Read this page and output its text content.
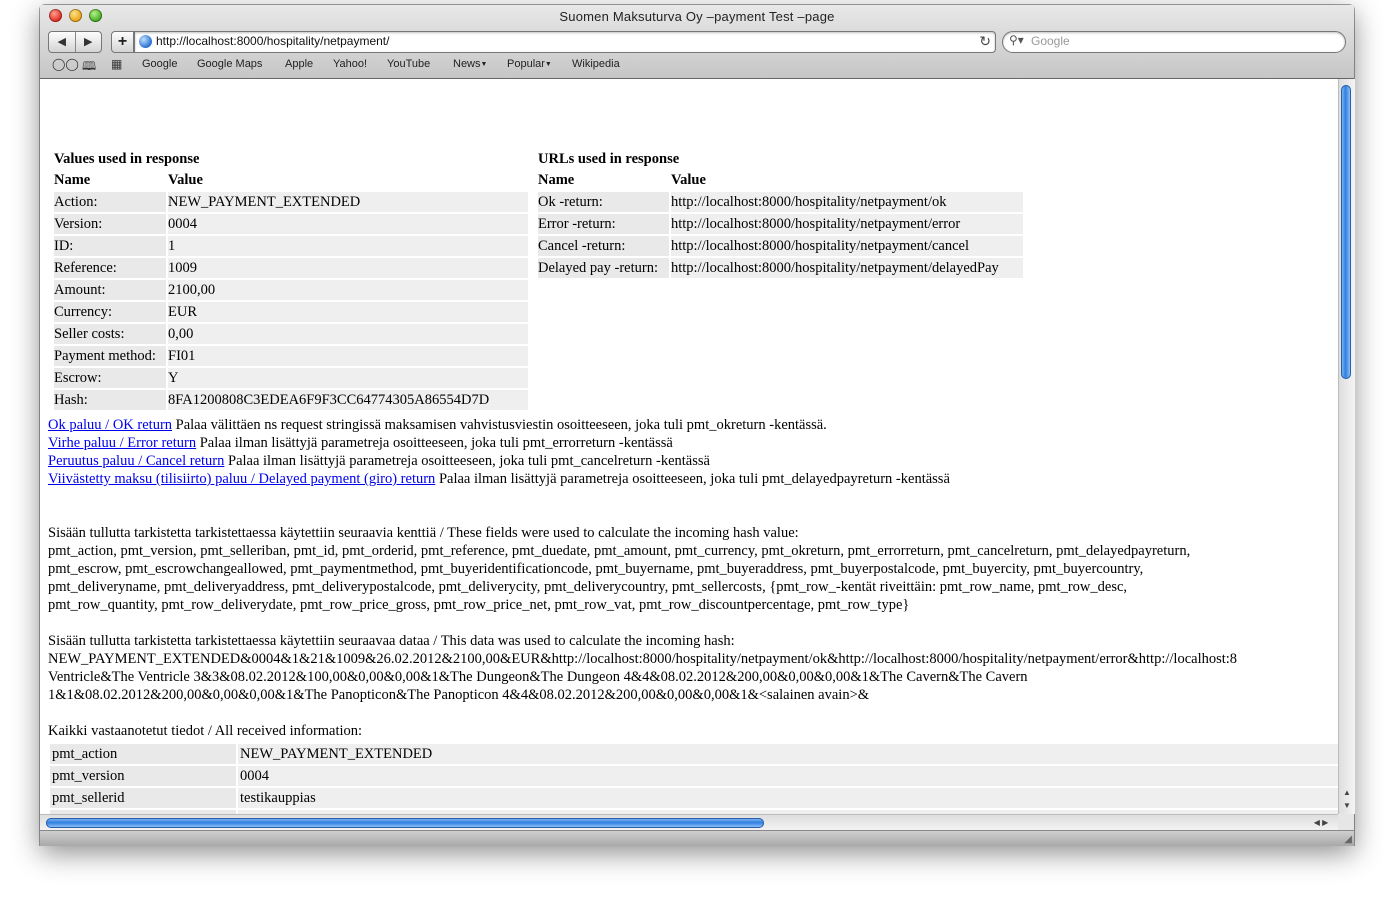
Suomen Maksuturva Oy –payment Test –page
◀	▶	+
http://localhost:8000/hospitality/netpayment/	↻ ⚲▾
Google
◯◯ 🕮 ▦ Google Google Maps Apple Yahoo! YouTube News▼ Popular▼ Wikipedia
Values used in response
Name	Value
Action:	NEW_PAYMENT_EXTENDED
Version:	0004
ID:	1
Reference:	1009
Amount:	2100,00
Currency:	EUR
Seller costs:	0,00
Payment method:	FI01
Escrow:	Y
Hash:	8FA1200808C3EDEA6F9F3CC64774305A86554D7D
URLs used in response
Name	Value
Ok -return:	http://localhost:8000/hospitality/netpayment/ok
Error -return:	http://localhost:8000/hospitality/netpayment/error
Cancel -return:	http://localhost:8000/hospitality/netpayment/cancel
Delayed pay -return:	http://localhost:8000/hospitality/netpayment/delayedPay
Ok paluu / OK return Palaa välittäen ns request stringissä maksamisen vahvistusviestin osoitteeseen, joka tuli pmt_okreturn -kentässä.
Virhe paluu / Error return Palaa ilman lisättyjä parametreja osoitteeseen, joka tuli pmt_errorreturn -kentässä
Peruutus paluu / Cancel return Palaa ilman lisättyjä parametreja osoitteeseen, joka tuli pmt_cancelreturn -kentässä
Viivästetty maksu (tilisiirto) paluu / Delayed payment (giro) return Palaa ilman lisättyjä parametreja osoitteeseen, joka tuli pmt_delayedpayreturn -kentässä
Sisään tullutta tarkistetta tarkistettaessa käytettiin seuraavia kenttiä / These fields were used to calculate the incoming hash value:
pmt_action, pmt_version, pmt_selleriban, pmt_id, pmt_orderid, pmt_reference, pmt_duedate, pmt_amount, pmt_currency, pmt_okreturn, pmt_errorreturn, pmt_cancelreturn, pmt_delayedpayreturn,
pmt_escrow, pmt_escrowchangeallowed, pmt_paymentmethod, pmt_buyeridentificationcode, pmt_buyername, pmt_buyeraddress, pmt_buyerpostalcode, pmt_buyercity, pmt_buyercountry,
pmt_deliveryname, pmt_deliveryaddress, pmt_deliverypostalcode, pmt_deliverycity, pmt_deliverycountry, pmt_sellercosts, {pmt_row_-kentät riveittäin: pmt_row_name, pmt_row_desc,
pmt_row_quantity, pmt_row_deliverydate, pmt_row_price_gross, pmt_row_price_net, pmt_row_vat, pmt_row_discountpercentage, pmt_row_type}
Sisään tullutta tarkistetta tarkistettaessa käytettiin seuraavaa dataa / This data was used to calculate the incoming hash:
NEW_PAYMENT_EXTENDED&0004&1&21&1009&26.02.2012&2100,00&EUR&http://localhost:8000/hospitality/netpayment/ok&http://localhost:8000/hospitality/netpayment/error&http://localhost:8
Ventricle&The Ventricle 3&3&08.02.2012&100,00&0,00&0,00&1&The Dungeon&The Dungeon 4&4&08.02.2012&200,00&0,00&0,00&1&The Cavern&The Cavern
1&1&08.02.2012&200,00&0,00&0,00&1&The Panopticon&The Panopticon 4&4&08.02.2012&200,00&0,00&0,00&1&<salainen avain>&
Kaikki vastaanotetut tiedot / All received information:
pmt_action	NEW_PAYMENT_EXTENDED
pmt_version	0004
pmt_sellerid	testikauppias
		▲
▼
◀ ▶
◢
